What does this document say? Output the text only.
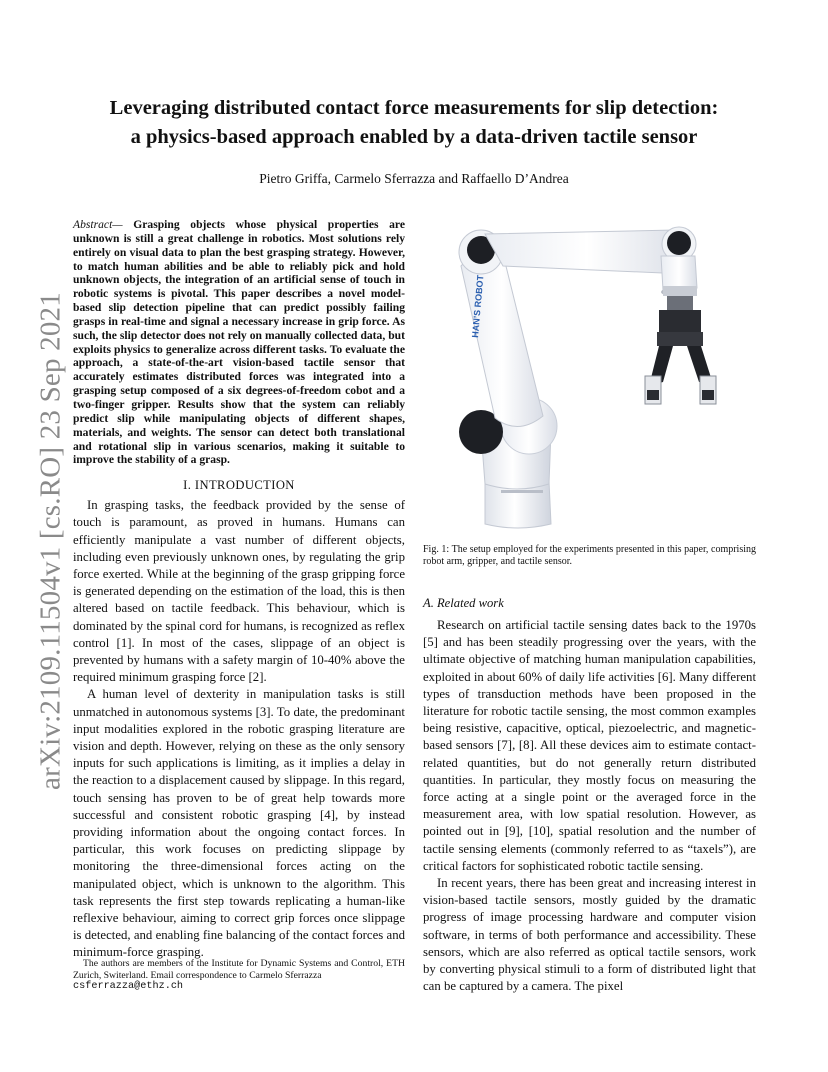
Leveraging distributed contact force measurements for slip detection:
a physics-based approach enabled by a data-driven tactile sensor
Pietro Griffa, Carmelo Sferrazza and Raffaello D’Andrea
arXiv:2109.11504v1 [cs.RO] 23 Sep 2021

Abstract— Grasping objects whose physical properties are unknown is still a great challenge in robotics. Most solutions rely entirely on visual data to plan the best grasping strategy. However, to match human abilities and be able to reliably pick and hold unknown objects, the integration of an artificial sense of touch in robotic systems is pivotal. This paper describes a novel model-based slip detection pipeline that can predict possibly failing grasps in real-time and signal a necessary increase in grip force. As such, the slip detector does not rely on manually collected data, but exploits physics to generalize across different tasks. To evaluate the approach, a state-of-the-art vision-based tactile sensor that accurately estimates distributed forces was integrated into a grasping setup composed of a six degrees-of-freedom cobot and a two-finger gripper. Results show that the system can reliably predict slip while manipulating objects of different shapes, materials, and weights. The sensor can detect both translational and rotational slip in various scenarios, making it suitable to improve the stability of a grasp.

I. INTRODUCTION

In grasping tasks, the feedback provided by the sense of touch is paramount, as proved in humans. Humans can efficiently manipulate a vast number of different objects, including even previously unknown ones, by regulating the grip force exerted. While at the beginning of the grasp gripping force is generated depending on the estimation of the load, this is then altered based on tactile feedback. This behaviour, which is dominated by the spinal cord for humans, is recognized as reflex control [1]. In most of the cases, slippage of an object is prevented by humans with a safety margin of 10-40% above the required minimum grasping force [2].

A human level of dexterity in manipulation tasks is still unmatched in autonomous systems [3]. To date, the predominant input modalities explored in the robotic grasping literature are vision and depth. However, relying on these as the only sensory inputs for such applications is limiting, as it implies a delay in the reaction to a displacement caused by slippage. In this regard, touch sensing has proven to be of great help towards more successful and consistent robotic grasping [4], by instead providing information about the ongoing contact forces. In particular, this work focuses on predicting slippage by monitoring the three-dimensional forces acting on the manipulated object, which is unknown to the algorithm. This task represents the first step towards replicating a human-like reflexive behaviour, aiming to correct grip forces once slippage is detected, and enabling fine balancing of the contact forces and minimum-force grasping.

The authors are members of the Institute for Dynamic Systems and Control, ETH Zurich, Switerland. Email correspondence to Carmelo Sferrazza
csferrazza@ethz.ch
HAN’S ROBOT
Fig. 1: The setup employed for the experiments presented in this paper, comprising robot arm, gripper, and tactile sensor.
A. Related work

Research on artificial tactile sensing dates back to the 1970s [5] and has been steadily progressing over the years, with the ultimate objective of matching human manipulation capabilities, exploited in about 60% of daily life activities [6]. Many different types of transduction methods have been proposed in the literature for robotic tactile sensing, the most common examples being resistive, capacitive, optical, piezoelectric, and magnetic-based sensors [7], [8]. All these devices aim to estimate contact-related quantities, but do not generally return distributed quantities. In particular, they mostly focus on measuring the force acting at a single point or the averaged force in the measurement area, with low spatial resolution. However, as pointed out in [9], [10], spatial resolution and the number of tactile sensing elements (commonly referred to as “taxels”), are critical factors for sophisticated robotic tactile sensing.

In recent years, there has been great and increasing interest in vision-based tactile sensors, mostly guided by the dramatic progress of image processing hardware and computer vision software, in terms of both performance and accessibility. These sensors, which are also referred as optical tactile sensors, work by converting physical stimuli to a form of distributed light that can be captured by a camera. The pixel
